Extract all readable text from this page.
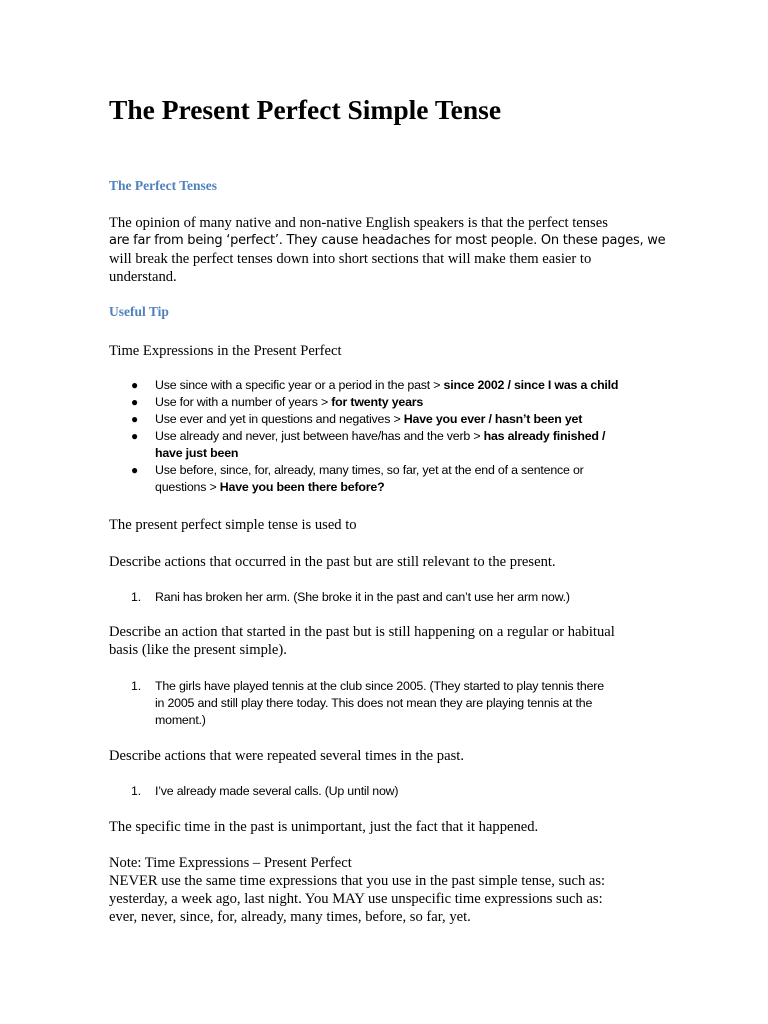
The Present Perfect Simple Tense
The Perfect Tenses
The opinion of many native and non-native English speakers is that the perfect tenses
are far from being ‘perfect’. They cause headaches for most people. On these pages, we
will break the perfect tenses down into short sections that will make them easier to
understand.
Useful Tip

Time Expressions in the Present Perfect

● Use since with a specific year or a period in the past > since 2002 / since I was a child
● Use for with a number of years > for twenty years
● Use ever and yet in questions and negatives > Have you ever / hasn’t been yet
● Use already and never, just between have/has and the verb > has already finished /
have just been
● Use before, since, for, already, many times, so far, yet at the end of a sentence or
questions > Have you been there before?

The present perfect simple tense is used to

Describe actions that occurred in the past but are still relevant to the present.

1. Rani has broken her arm. (She broke it in the past and can’t use her arm now.)

Describe an action that started in the past but is still happening on a regular or habitual
basis (like the present simple).

1. The girls have played tennis at the club since 2005. (They started to play tennis there
in 2005 and still play there today. This does not mean they are playing tennis at the
moment.)

Describe actions that were repeated several times in the past.

1. I’ve already made several calls. (Up until now)

The specific time in the past is unimportant, just the fact that it happened.

Note: Time Expressions – Present Perfect
NEVER use the same time expressions that you use in the past simple tense, such as:
yesterday, a week ago, last night. You MAY use unspecific time expressions such as:
ever, never, since, for, already, many times, before, so far, yet.
